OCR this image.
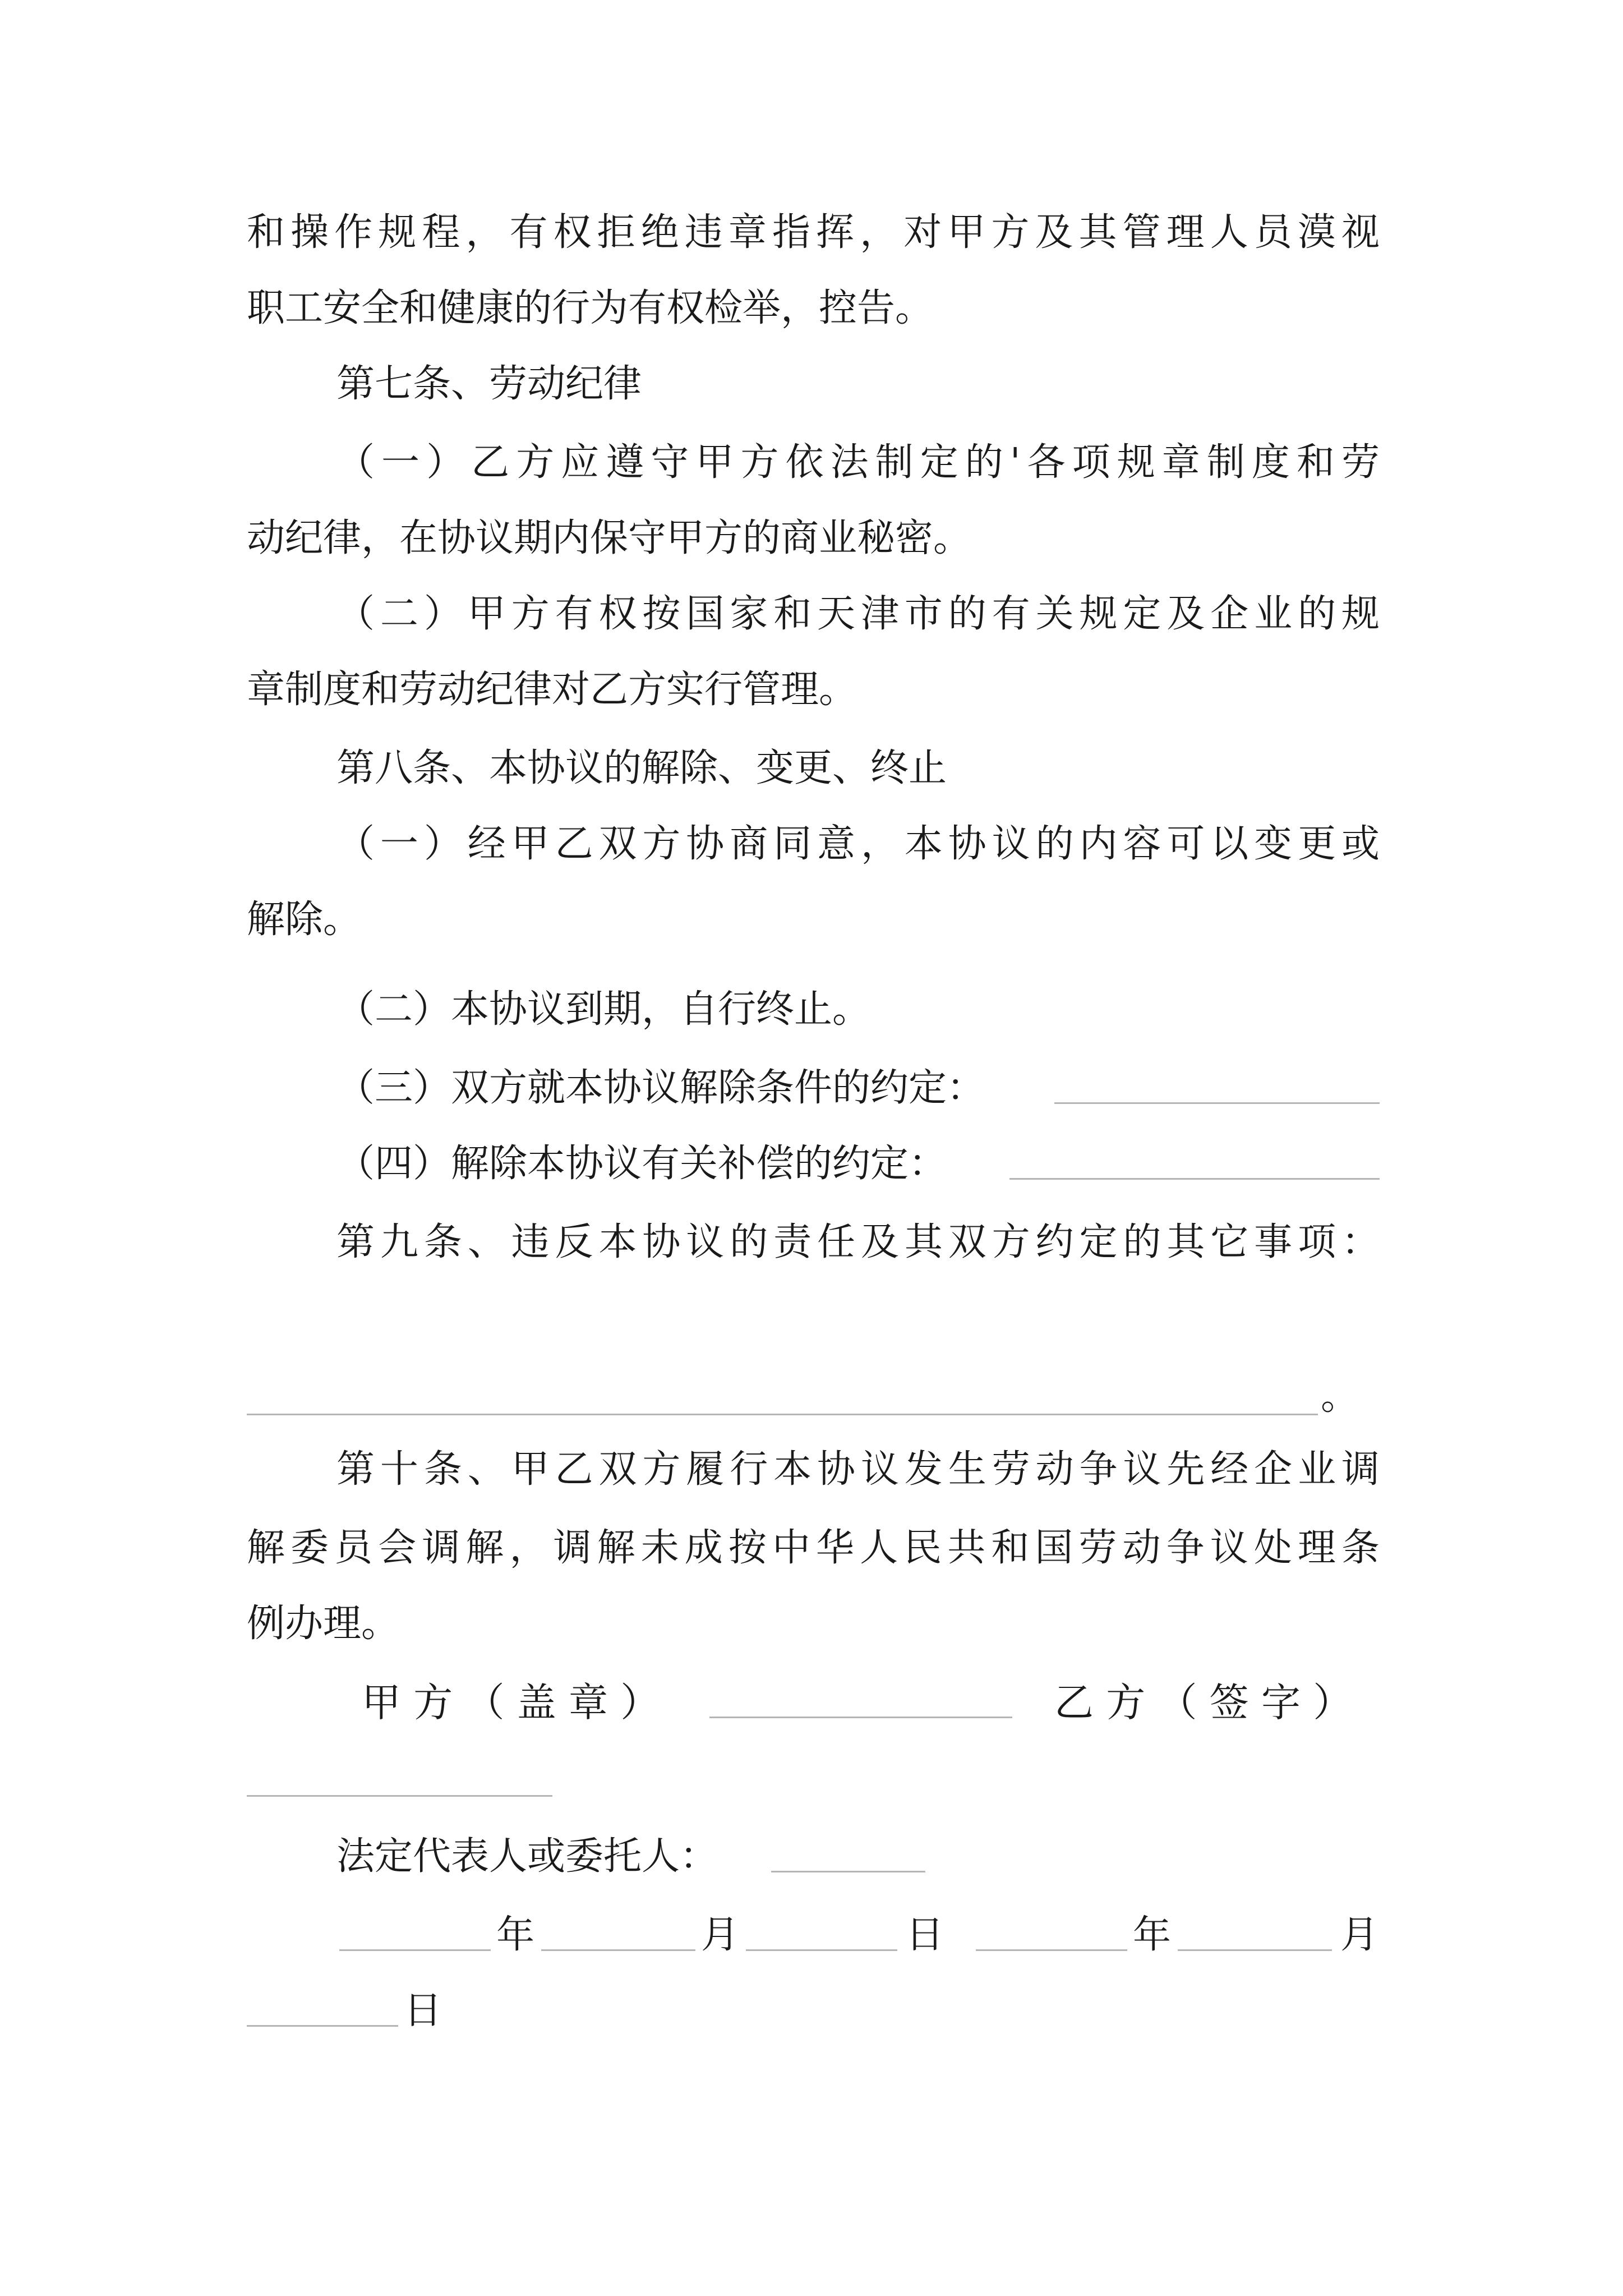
和操作规程，有权拒绝违章指挥，对甲方及其管理人员漠视
职工安全和健康的行为有权检举，控告。
第七条、劳动纪律
（一）乙方应遵守甲方依法制定的'各项规章制度和劳
动纪律，在协议期内保守甲方的商业秘密。
（二）甲方有权按国家和天津市的有关规定及企业的规
章制度和劳动纪律对乙方实行管理。
第八条、本协议的解除、变更、终止
（一）经甲乙双方协商同意，本协议的内容可以变更或
解除。
（二）本协议到期，自行终止。
（三）双方就本协议解除条件的约定：
（四）解除本协议有关补偿的约定：
第九条、违反本协议的责任及其双方约定的其它事项：
。
第十条、甲乙双方履行本协议发生劳动争议先经企业调
解委员会调解，调解未成按中华人民共和国劳动争议处理条
例办理。
甲 方 （ 盖 章 ）	乙 方 （ 签 字 ）
法定代表人或委托人：
年	月	日	年	月
日
